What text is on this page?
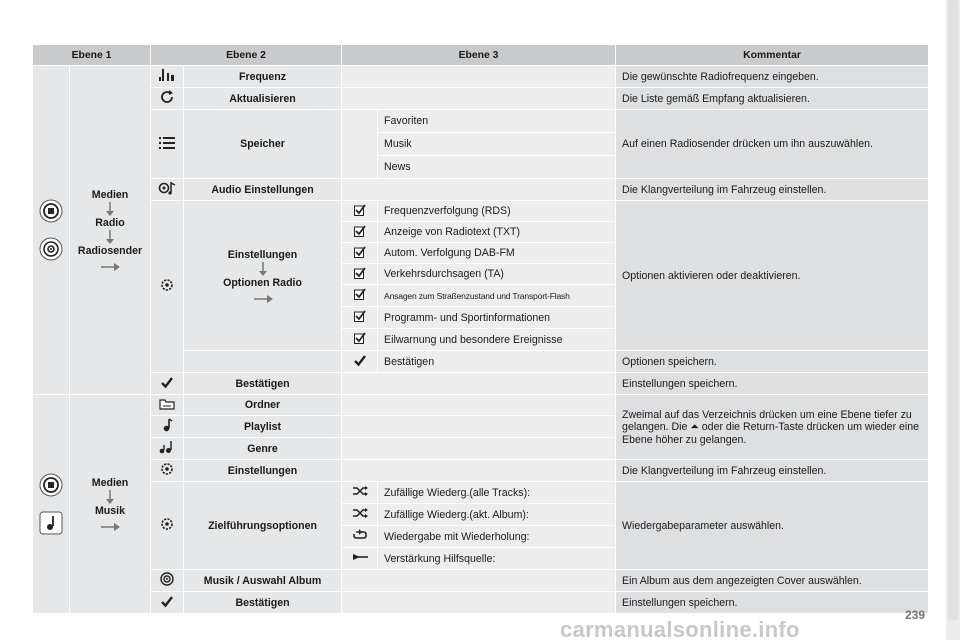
Ebene 1		Ebene 2		Ebene 3		Kommentar

Medien
Radio
Radiosender		Frequenz			Die gewünschte Radiofrequenz eingeben.
	Aktualisieren			Die Liste gemäß Empfang aktualisieren.
	Speicher		Favoriten	Auf einen Radiosender drücken um ihn auszuwählen.
					Musik	
					News	
	Audio Einstellungen			Die Klangverteilung im Fahrzeug einstellen.

Einstellungen
Optionen Radio		Frequenzverfolgung (RDS)	Optionen aktivieren oder deaktivieren.
	Anzeige von Radiotext (TXT)	
	Autom. Verfolgung DAB-FM	
	Verkehrsdurchsagen (TA)	
	Ansagen zum Straßenzustand und Transport-Flash	
	Programm- und Sportinformationen	
	Eilwarnung und besondere Ereignisse	
		Bestätigen	Optionen speichern.
	Bestätigen			Einstellungen speichern.

Medien
Musik		Ordner			Zweimal auf das Verzeichnis drücken um eine Ebene tiefer zu gelangen. Die ⏶ oder die Return-Taste drücken um wieder eine Ebene höher zu gelangen.
	Playlist			
	Genre			
	Einstellungen			Die Klangverteilung im Fahrzeug einstellen.
	Zielführungsoptionen		Zufällige Wiederg.(alle Tracks):	Wiedergabeparameter auswählen.
	Zufällige Wiederg.(akt. Album):	
	Wiedergabe mit Wiederholung:	
	Verstärkung Hilfsquelle:	
	Musik / Auswahl Album			Ein Album aus dem angezeigten Cover auswählen.
	Bestätigen			Einstellungen speichern.

239
carmanualsonline.info
